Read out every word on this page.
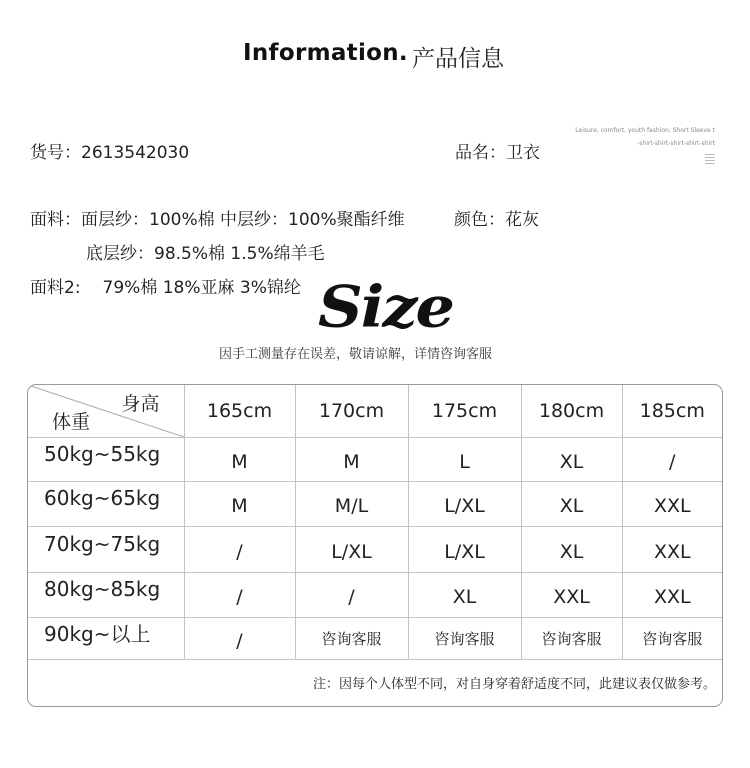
Information. 产品信息
Leisure, comfort, youth fashion, Short Sleeve t
-shirt-shirt-shirt-shirt-shirt
货号：2613542030	品名：卫衣
面料：面层纱：100%棉 中层纱：100%聚酯纤维	颜色：花灰
底层纱：98.5%棉 1.5%绵羊毛
面料2: 79%棉 18%亚麻 3%锦纶 Size
因手工测量存在误差，敬请谅解，详情咨询客服
身高
体重	165cm	170cm	175cm	180cm	185cm
50kg~55kg	M	M	L	XL	/
60kg~65kg	M	M/L	L/XL	XL	XXL
70kg~75kg	/	L/XL	L/XL	XL	XXL
80kg~85kg	/	/	XL	XXL	XXL
90kg~以上	/	咨询客服	咨询客服	咨询客服	咨询客服
注：因每个人体型不同，对自身穿着舒适度不同，此建议表仅做参考。					
